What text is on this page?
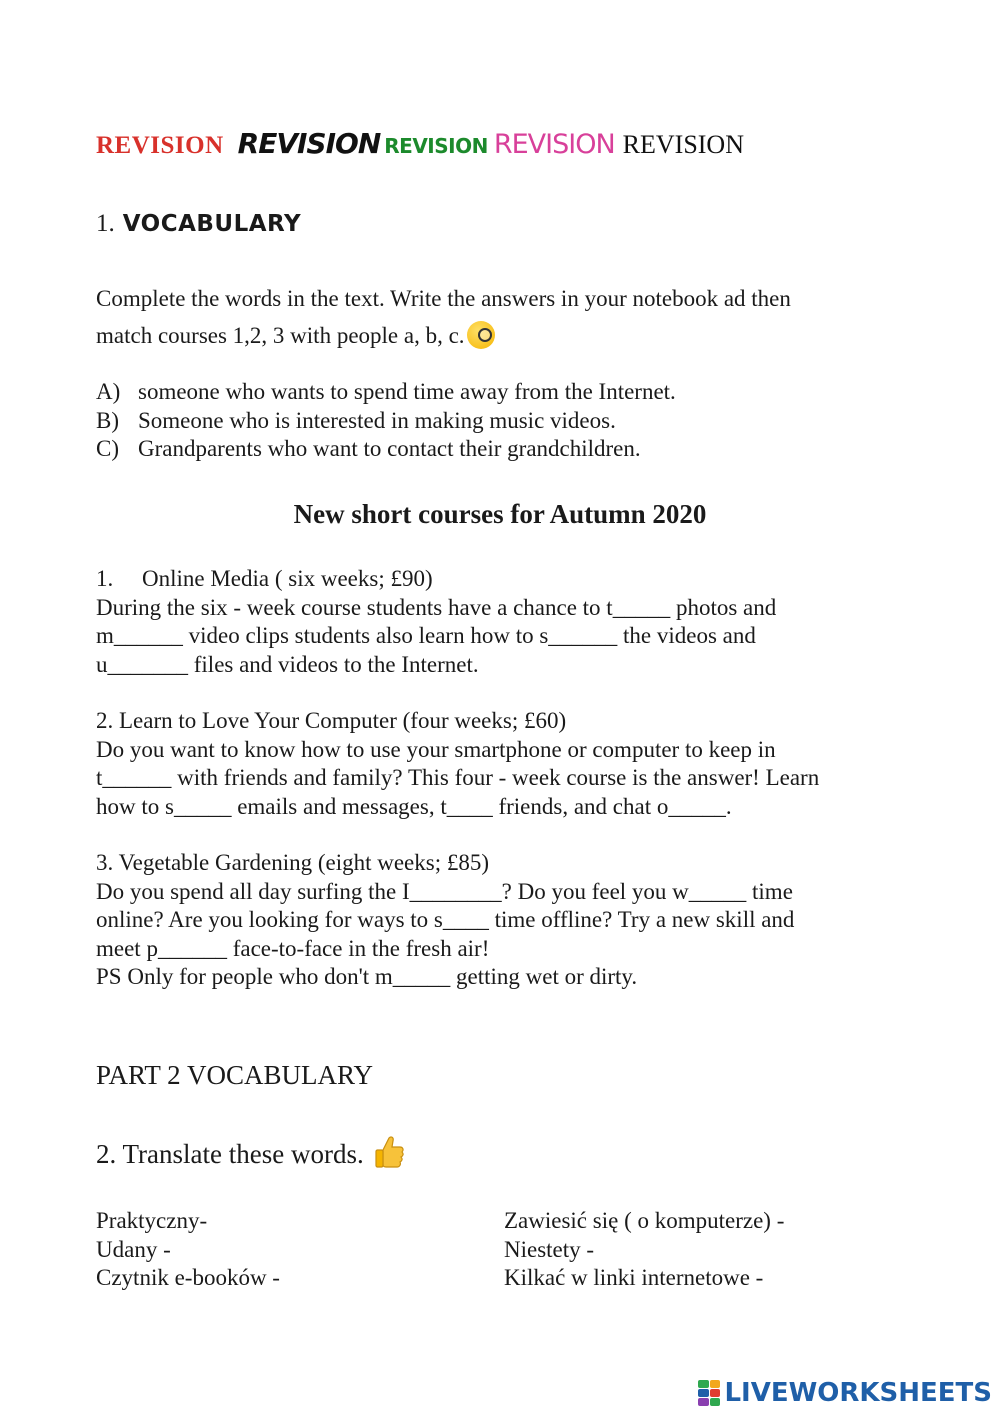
REVISION REVISION REVISION REVISION REVISION
1. VOCABULARY
Complete the words in the text. Write the answers in your notebook ad then
match courses 1,2, 3 with people a, b, c.
A) someone who wants to spend time away from the Internet.
B) Someone who is interested in making music videos.
C) Grandparents who want to contact their grandchildren.
New short courses for Autumn 2020
1. Online Media ( six weeks; £90)
During the six - week course students have a chance to t_____ photos and
m______ video clips students also learn how to s______ the videos and
u_______ files and videos to the Internet.
2. Learn to Love Your Computer (four weeks; £60)
Do you want to know how to use your smartphone or computer to keep in
t______ with friends and family? This four - week course is the answer! Learn
how to s_____ emails and messages, t____ friends, and chat o_____.
3. Vegetable Gardening (eight weeks; £85)
Do you spend all day surfing the I________? Do you feel you w_____ time
online? Are you looking for ways to s____ time offline? Try a new skill and
meet p______ face-to-face in the fresh air!
PS Only for people who don't m_____ getting wet or dirty.
PART 2 VOCABULARY
2. Translate these words.
Praktyczny-
Udany -
Czytnik e-booków -
Zawiesić się ( o komputerze) -
Niestety -
Kilkać w linki internetowe -
LIVEWORKSHEETS
